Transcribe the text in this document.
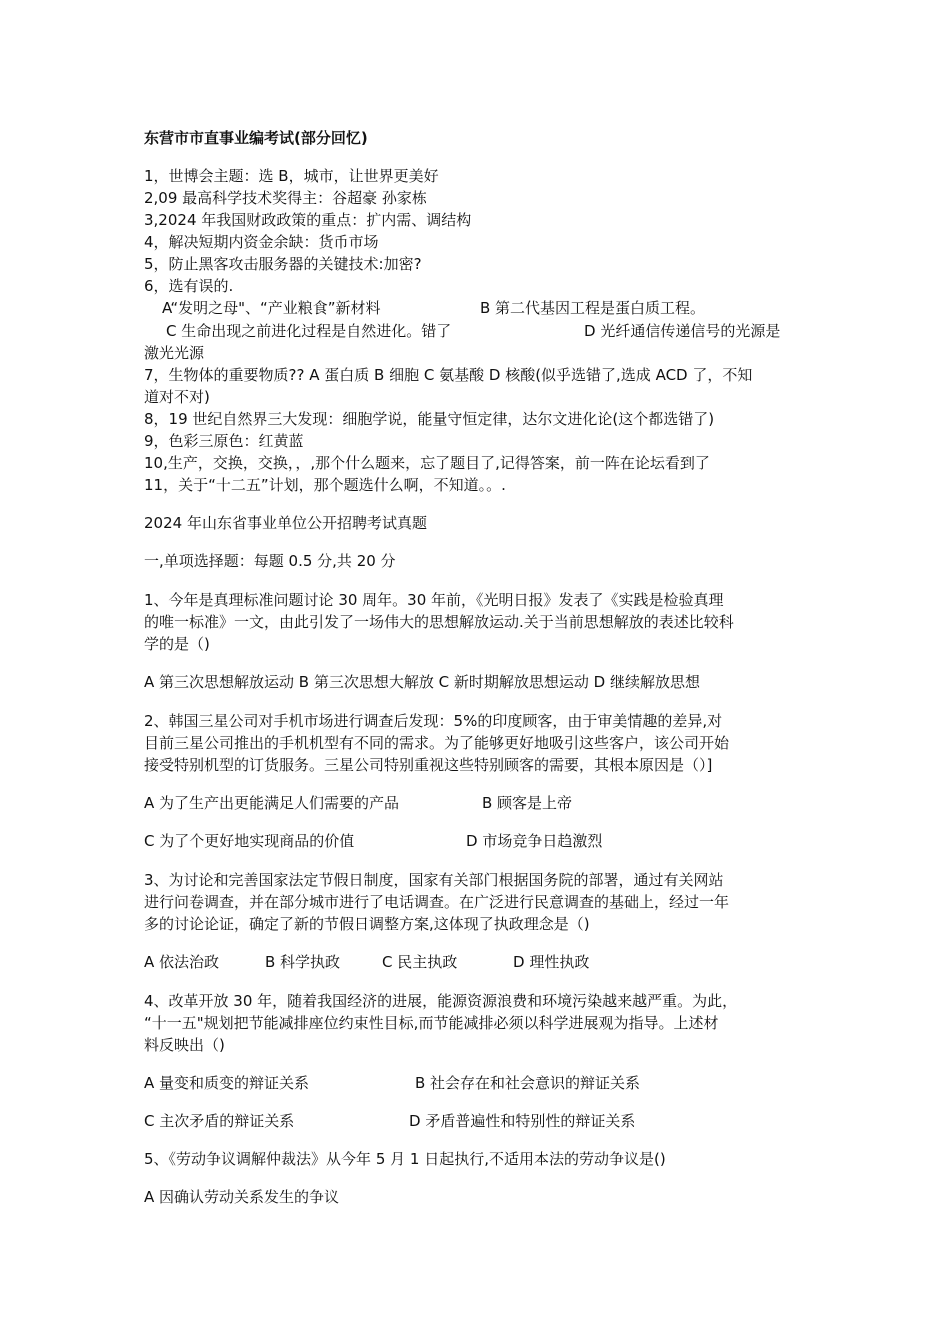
东营市市直事业编考试(部分回忆)
1，世博会主题：选 B，城市，让世界更美好
2,09 最高科学技术奖得主：谷超豪 孙家栋
3,2024 年我国财政政策的重点：扩内需、调结构
4，解决短期内资金余缺：货币市场
5，防止黑客攻击服务器的关键技术:加密?
6，选有误的.
A“发明之母"、“产业粮食”新材料	B 第二代基因工程是蛋白质工程。
C 生命出现之前进化过程是自然进化。错了	D 光纤通信传递信号的光源是
激光光源
7，生物体的重要物质?? A 蛋白质 B 细胞 C 氨基酸 D 核酸(似乎选错了,选成 ACD 了，不知
道对不对)
8，19 世纪自然界三大发现：细胞学说，能量守恒定律，达尔文进化论(这个都选错了)
9，色彩三原色：红黄蓝
10,生产，交换，交换，，,那个什么题来，忘了题目了,记得答案，前一阵在论坛看到了
11，关于“十二五”计划，那个题选什么啊，不知道。。.
2024 年山东省事业单位公开招聘考试真题
一,单项选择题：每题 0.5 分,共 20 分
1、今年是真理标准问题讨论 30 周年。30 年前，《光明日报》发表了《实践是检验真理
的唯一标准》一文，由此引发了一场伟大的思想解放运动.关于当前思想解放的表述比较科
学的是（)
A 第三次思想解放运动 B 第三次思想大解放 C 新时期解放思想运动 D 继续解放思想
2、韩国三星公司对手机市场进行调查后发现：5%的印度顾客，由于审美情趣的差异,对
目前三星公司推出的手机机型有不同的需求。为了能够更好地吸引这些客户，该公司开始
接受特别机型的订货服务。三星公司特别重视这些特别顾客的需要，其根本原因是（）]
A 为了生产出更能满足人们需要的产品	B 顾客是上帝
C 为了个更好地实现商品的价值	D 市场竞争日趋激烈
3、为讨论和完善国家法定节假日制度，国家有关部门根据国务院的部署，通过有关网站
进行问卷调查，并在部分城市进行了电话调查。在广泛进行民意调查的基础上，经过一年
多的讨论论证，确定了新的节假日调整方案,这体现了执政理念是（)
A 依法治政	B 科学执政	C 民主执政	D 理性执政
4、改革开放 30 年，随着我国经济的进展，能源资源浪费和环境污染越来越严重。为此，
“十一五"规划把节能减排座位约束性目标,而节能减排必须以科学进展观为指导。上述材
料反映出（)
A 量变和质变的辩证关系	B 社会存在和社会意识的辩证关系
C 主次矛盾的辩证关系	D 矛盾普遍性和特别性的辩证关系
5、《劳动争议调解仲裁法》从今年 5 月 1 日起执行,不适用本法的劳动争议是()
A 因确认劳动关系发生的争议
